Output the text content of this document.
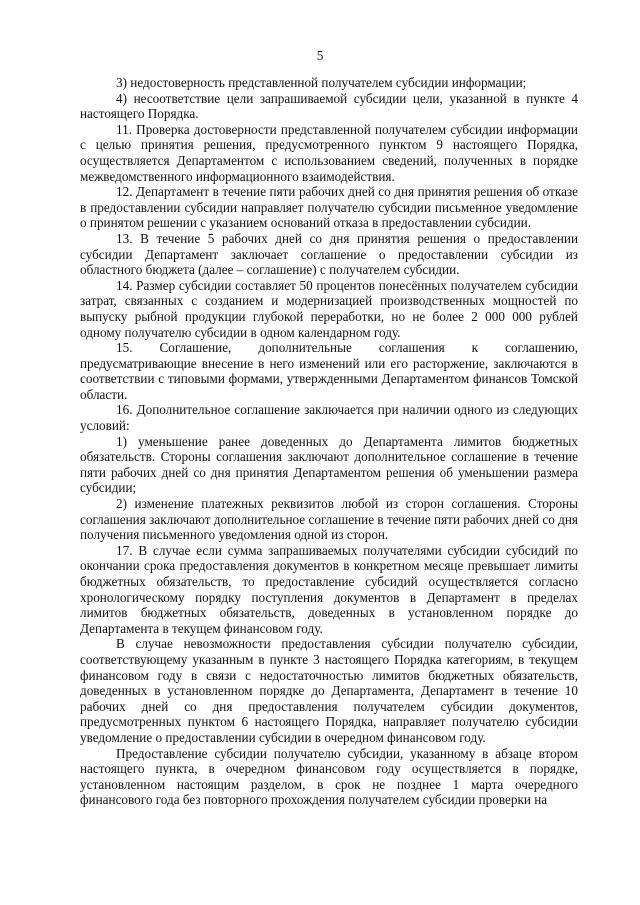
5

3) недостоверность представленной получателем субсидии информации;

4) несоответствие цели запрашиваемой субсидии цели, указанной в пункте 4 настоящего Порядка.

11. Проверка достоверности представленной получателем субсидии информации с целью принятия решения, предусмотренного пунктом 9 настоящего Порядка, осуществляется Департаментом с использованием сведений, полученных в порядке межведомственного информационного взаимодействия.

12. Департамент в течение пяти рабочих дней со дня принятия решения об отказе в предоставлении субсидии направляет получателю субсидии письменное уведомление о принятом решении с указанием оснований отказа в предоставлении субсидии.

13. В течение 5 рабочих дней со дня принятия решения о предоставлении субсидии Департамент заключает соглашение о предоставлении субсидии из областного бюджета (далее – соглашение) с получателем субсидии.

14. Размер субсидии составляет 50 процентов понесённых получателем субсидии затрат, связанных с созданием и модернизацией производственных мощностей по выпуску рыбной продукции глубокой переработки, но не более 2 000 000 рублей одному получателю субсидии в одном календарном году.

15. Соглашение, дополнительные соглашения к соглашению, предусматривающие внесение в него изменений или его расторжение, заключаются в соответствии с типовыми формами, утвержденными Департаментом финансов Томской области.

16. Дополнительное соглашение заключается при наличии одного из следующих условий:

1) уменьшение ранее доведенных до Департамента лимитов бюджетных обязательств. Стороны соглашения заключают дополнительное соглашение в течение пяти рабочих дней со дня принятия Департаментом решения об уменьшении размера субсидии;

2) изменение платежных реквизитов любой из сторон соглашения. Стороны соглашения заключают дополнительное соглашение в течение пяти рабочих дней со дня получения письменного уведомления одной из сторон.

17. В случае если сумма запрашиваемых получателями субсидии субсидий по окончании срока предоставления документов в конкретном месяце превышает лимиты бюджетных обязательств, то предоставление субсидий осуществляется согласно хронологическому порядку поступления документов в Департамент в пределах лимитов бюджетных обязательств, доведенных в установленном порядке до Департамента в текущем финансовом году.

В случае невозможности предоставления субсидии получателю субсидии, соответствующему указанным в пункте 3 настоящего Порядка категориям, в текущем финансовом году в связи с недостаточностью лимитов бюджетных обязательств, доведенных в установленном порядке до Департамента, Департамент в течение 10 рабочих дней со дня предоставления получателем субсидии документов, предусмотренных пунктом 6 настоящего Порядка, направляет получателю субсидии уведомление о предоставлении субсидии в очередном финансовом году.

Предоставление субсидии получателю субсидии, указанному в абзаце втором настоящего пункта, в очередном финансовом году осуществляется в порядке, установленном настоящим разделом, в срок не позднее 1 марта очередного финансового года без повторного прохождения получателем субсидии проверки на
